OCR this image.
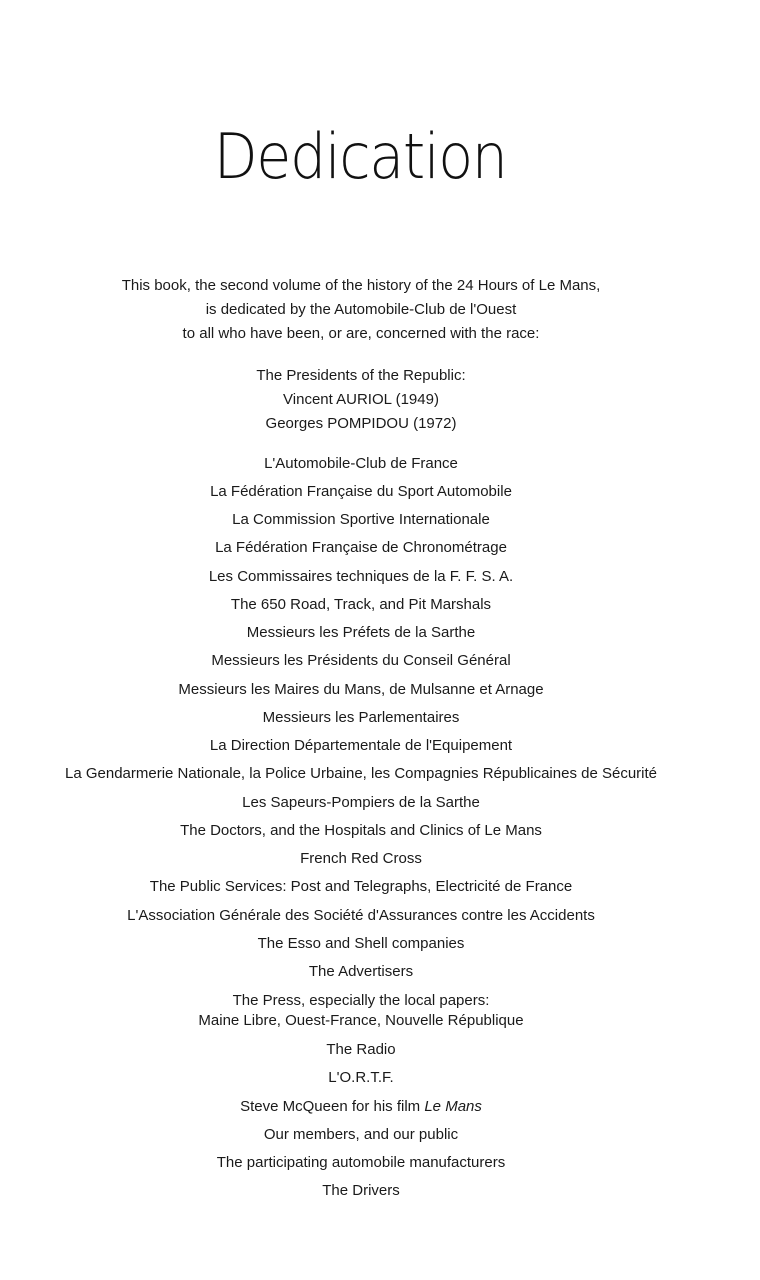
Dedication
This book, the second volume of the history of the 24 Hours of Le Mans,
is dedicated by the Automobile-Club de l'Ouest
to all who have been, or are, concerned with the race:
The Presidents of the Republic:
Vincent AURIOL (1949)
Georges POMPIDOU (1972)
L'Automobile-Club de France
La Fédération Française du Sport Automobile
La Commission Sportive Internationale
La Fédération Française de Chronométrage
Les Commissaires techniques de la F. F. S. A.
The 650 Road, Track, and Pit Marshals
Messieurs les Préfets de la Sarthe
Messieurs les Présidents du Conseil Général
Messieurs les Maires du Mans, de Mulsanne et Arnage
Messieurs les Parlementaires
La Direction Départementale de l'Equipement
La Gendarmerie Nationale, la Police Urbaine, les Compagnies Républicaines de Sécurité
Les Sapeurs-Pompiers de la Sarthe
The Doctors, and the Hospitals and Clinics of Le Mans
French Red Cross
The Public Services: Post and Telegraphs, Electricité de France
L'Association Générale des Société d'Assurances contre les Accidents
The Esso and Shell companies
The Advertisers
The Press, especially the local papers:
Maine Libre, Ouest-France, Nouvelle République
The Radio
L'O.R.T.F.
Steve McQueen for his film Le Mans
Our members, and our public
The participating automobile manufacturers
The Drivers
